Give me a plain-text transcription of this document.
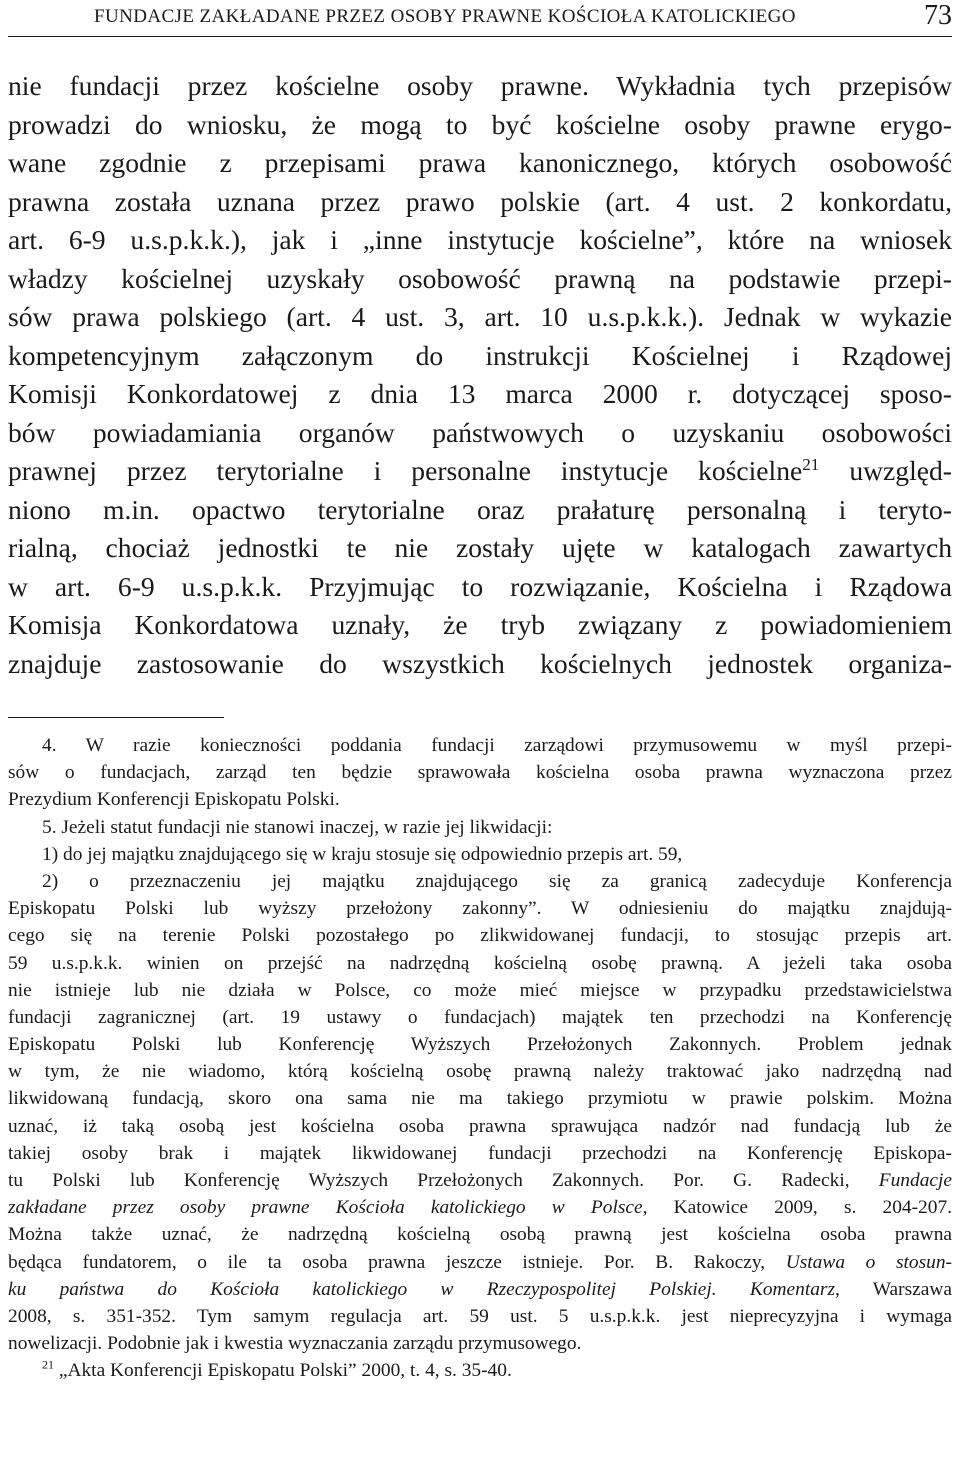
FUNDACJE ZAKŁADANE PRZEZ OSOBY PRAWNE KOŚCIOŁA KATOLICKIEGO	73
nie fundacji przez kościelne osoby prawne. Wykładnia tych przepisów
prowadzi do wniosku, że mogą to być kościelne osoby prawne erygo-
wane zgodnie z przepisami prawa kanonicznego, których osobowość
prawna została uznana przez prawo polskie (art. 4 ust. 2 konkordatu,
art. 6-9 u.s.p.k.k.), jak i „inne instytucje kościelne”, które na wniosek
władzy kościelnej uzyskały osobowość prawną na podstawie przepi-
sów prawa polskiego (art. 4 ust. 3, art. 10 u.s.p.k.k.). Jednak w wykazie
kompetencyjnym załączonym do instrukcji Kościelnej i Rządowej
Komisji Konkordatowej z dnia 13 marca 2000 r. dotyczącej sposo-
bów powiadamiania organów państwowych o uzyskaniu osobowości
prawnej przez terytorialne i personalne instytucje kościelne$^{21}$ uwzględ-
niono m.in. opactwo terytorialne oraz prałaturę personalną i teryto-
rialną, chociaż jednostki te nie zostały ujęte w katalogach zawartych
w art. 6-9 u.s.p.k.k. Przyjmując to rozwiązanie, Kościelna i Rządowa
Komisja Konkordatowa uznały, że tryb związany z powiadomieniem
znajduje zastosowanie do wszystkich kościelnych jednostek organiza-
4. W razie konieczności poddania fundacji zarządowi przymusowemu w myśl przepi-
sów o fundacjach, zarząd ten będzie sprawowała kościelna osoba prawna wyznaczona przez
Prezydium Konferencji Episkopatu Polski.
5. Jeżeli statut fundacji nie stanowi inaczej, w razie jej likwidacji:
1) do jej majątku znajdującego się w kraju stosuje się odpowiednio przepis art. 59,
2) o przeznaczeniu jej majątku znajdującego się za granicą zadecyduje Konferencja
Episkopatu Polski lub wyższy przełożony zakonny”. W odniesieniu do majątku znajdują-
cego się na terenie Polski pozostałego po zlikwidowanej fundacji, to stosując przepis art.
59 u.s.p.k.k. winien on przejść na nadrzędną kościelną osobę prawną. A jeżeli taka osoba
nie istnieje lub nie działa w Polsce, co może mieć miejsce w przypadku przedstawicielstwa
fundacji zagranicznej (art. 19 ustawy o fundacjach) majątek ten przechodzi na Konferencję
Episkopatu Polski lub Konferencję Wyższych Przełożonych Zakonnych. Problem jednak
w tym, że nie wiadomo, którą kościelną osobę prawną należy traktować jako nadrzędną nad
likwidowaną fundacją, skoro ona sama nie ma takiego przymiotu w prawie polskim. Można
uznać, iż taką osobą jest kościelna osoba prawna sprawująca nadzór nad fundacją lub że
takiej osoby brak i majątek likwidowanej fundacji przechodzi na Konferencję Episkopa-
tu Polski lub Konferencję Wyższych Przełożonych Zakonnych. Por. G. Radecki, Fundacje
zakładane przez osoby prawne Kościoła katolickiego w Polsce, Katowice 2009, s. 204-207.
Można także uznać, że nadrzędną kościelną osobą prawną jest kościelna osoba prawna
będąca fundatorem, o ile ta osoba prawna jeszcze istnieje. Por. B. Rakoczy, Ustawa o stosun-
ku państwa do Kościoła katolickiego w Rzeczypospolitej Polskiej. Komentarz, Warszawa
2008, s. 351-352. Tym samym regulacja art. 59 ust. 5 u.s.p.k.k. jest nieprecyzyjna i wymaga
nowelizacji. Podobnie jak i kwestia wyznaczania zarządu przymusowego.
$^{21}$ „Akta Konferencji Episkopatu Polski” 2000, t. 4, s. 35-40.
